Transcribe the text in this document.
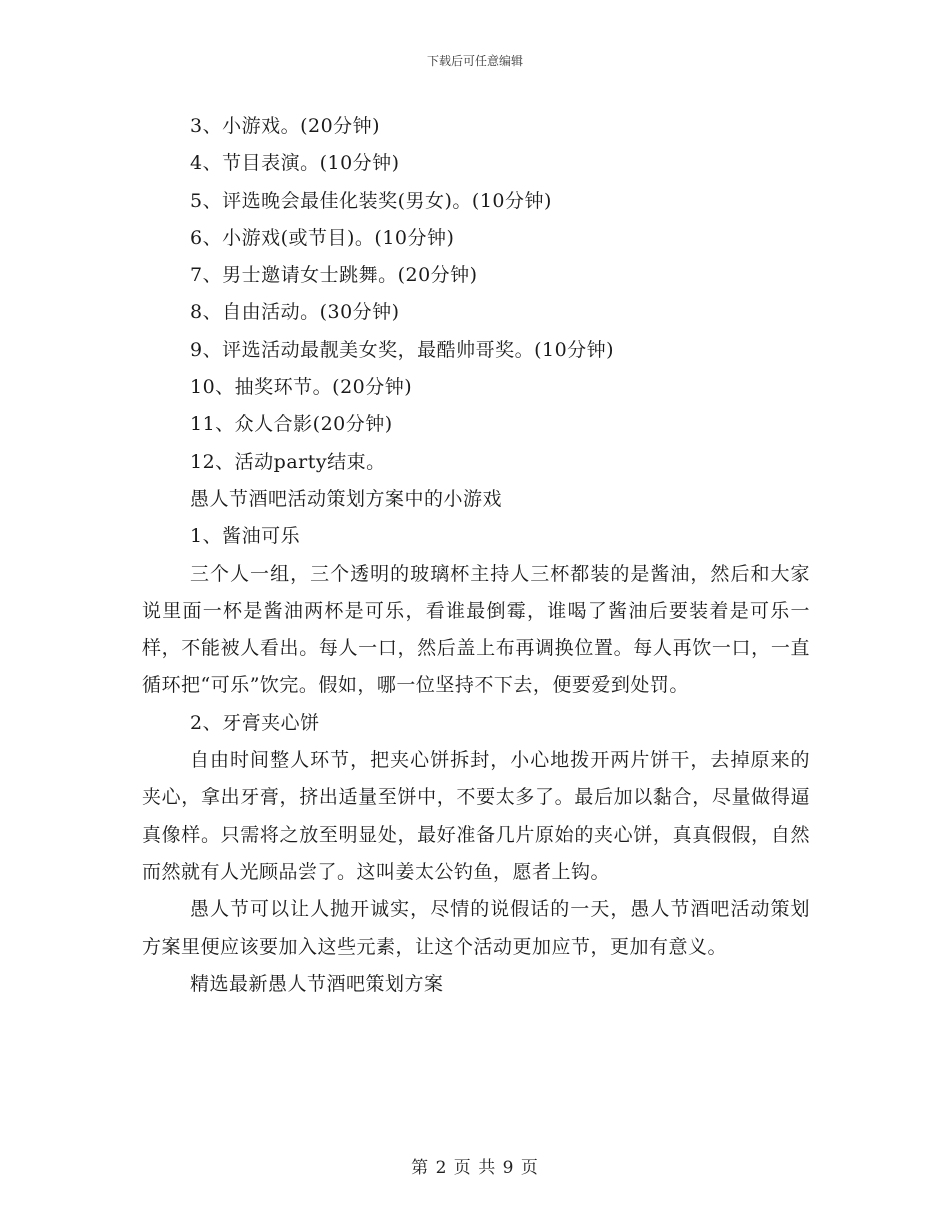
下载后可任意编辑
3、小游戏。(20分钟)
4、节目表演。(10分钟)
5、评选晚会最佳化装奖(男女)。(10分钟)
6、小游戏(或节目)。(10分钟)
7、男士邀请女士跳舞。(20分钟)
8、自由活动。(30分钟)
9、评选活动最靓美女奖，最酷帅哥奖。(10分钟)
10、抽奖环节。(20分钟)
11、众人合影(20分钟)
12、活动party结束。
愚人节酒吧活动策划方案中的小游戏
1、酱油可乐
三个人一组，三个透明的玻璃杯主持人三杯都装的是酱油，然后和大家说里面一杯是酱油两杯是可乐，看谁最倒霉，谁喝了酱油后要装着是可乐一样，不能被人看出。每人一口，然后盖上布再调换位置。每人再饮一口，一直循环把“可乐”饮完。假如，哪一位坚持不下去，便要爱到处罚。
2、牙膏夹心饼
自由时间整人环节，把夹心饼拆封，小心地拨开两片饼干，去掉原来的夹心，拿出牙膏，挤出适量至饼中，不要太多了。最后加以黏合，尽量做得逼真像样。只需将之放至明显处，最好准备几片原始的夹心饼，真真假假，自然而然就有人光顾品尝了。这叫姜太公钓鱼，愿者上钩。
愚人节可以让人抛开诚实，尽情的说假话的一天，愚人节酒吧活动策划方案里便应该要加入这些元素，让这个活动更加应节，更加有意义。
精选最新愚人节酒吧策划方案
第 2 页 共 9 页
